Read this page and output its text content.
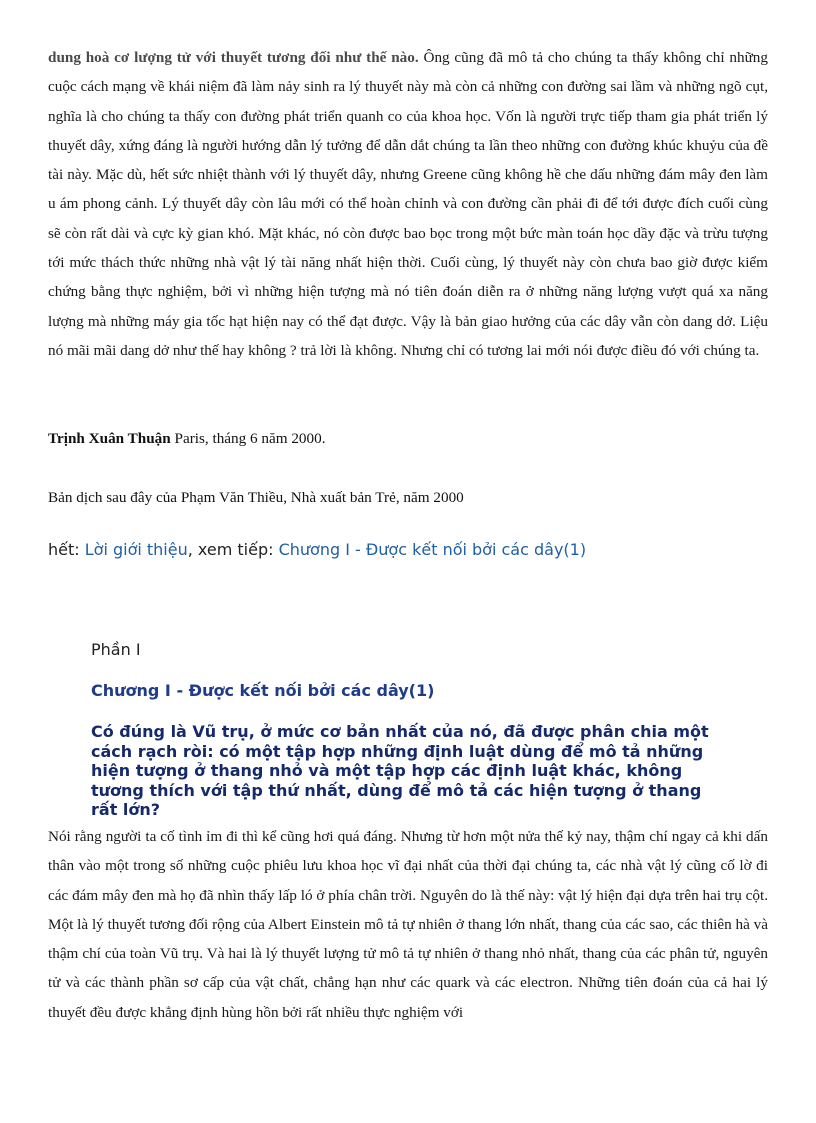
dung hoà cơ lượng tử với thuyết tương đối như thế nào. Ông cũng đã mô tả cho chúng ta thấy không chỉ những cuộc cách mạng về khái niệm đã làm nảy sinh ra lý thuyết này mà còn cả những con đường sai lầm và những ngõ cụt, nghĩa là cho chúng ta thấy con đường phát triển quanh co của khoa học. Vốn là người trực tiếp tham gia phát triển lý thuyết dây, xứng đáng là người hướng dẫn lý tưởng để dẫn dắt chúng ta lần theo những con đường khúc khuỷu của đề tài này. Mặc dù, hết sức nhiệt thành với lý thuyết dây, nhưng Greene cũng không hề che dấu những đám mây đen làm u ám phong cảnh. Lý thuyết dây còn lâu mới có thể hoàn chỉnh và con đường cần phải đi để tới được đích cuối cùng sẽ còn rất dài và cực kỳ gian khó. Mặt khác, nó còn được bao bọc trong một bức màn toán học dầy đặc và trừu tượng tới mức thách thức những nhà vật lý tài năng nhất hiện thời. Cuối cùng, lý thuyết này còn chưa bao giờ được kiểm chứng bằng thực nghiệm, bởi vì những hiện tượng mà nó tiên đoán diễn ra ở những năng lượng vượt quá xa năng lượng mà những máy gia tốc hạt hiện nay có thể đạt được. Vậy là bản giao hưởng của các dây vẫn còn dang dở. Liệu nó mãi mãi dang dở như thế hay không ? trả lời là không. Nhưng chỉ có tương lai mới nói được điều đó với chúng ta.

Trịnh Xuân Thuận Paris, tháng 6 năm 2000.
Bản dịch sau đây của Phạm Văn Thiều, Nhà xuất bản Trẻ, năm 2000
hết: Lời giới thiệu, xem tiếp: Chương I - Được kết nối bởi các dây(1)
Phần I
Chương I - Được kết nối bởi các dây(1)
Có đúng là Vũ trụ, ở mức cơ bản nhất của nó, đã được phân chia một cách rạch ròi: có một tập hợp những định luật dùng để mô tả những hiện tượng ở thang nhỏ và một tập hợp các định luật khác, không tương thích với tập thứ nhất, dùng để mô tả các hiện tượng ở thang rất lớn?

Nói rằng người ta cố tình ỉm đi thì kể cũng hơi quá đáng. Nhưng từ hơn một nửa thế kỷ nay, thậm chí ngay cả khi dấn thân vào một trong số những cuộc phiêu lưu khoa học vĩ đại nhất của thời đại chúng ta, các nhà vật lý cũng cố lờ đi các đám mây đen mà họ đã nhìn thấy lấp ló ở phía chân trời. Nguyên do là thế này: vật lý hiện đại dựa trên hai trụ cột. Một là lý thuyết tương đối rộng của Albert Einstein mô tả tự nhiên ở thang lớn nhất, thang của các sao, các thiên hà và thậm chí của toàn Vũ trụ. Và hai là lý thuyết lượng tử mô tả tự nhiên ở thang nhỏ nhất, thang của các phân tử, nguyên tử và các thành phần sơ cấp của vật chất, chẳng hạn như các quark và các electron. Những tiên đoán của cả hai lý thuyết đều được khẳng định hùng hồn bởi rất nhiều thực nghiệm với
